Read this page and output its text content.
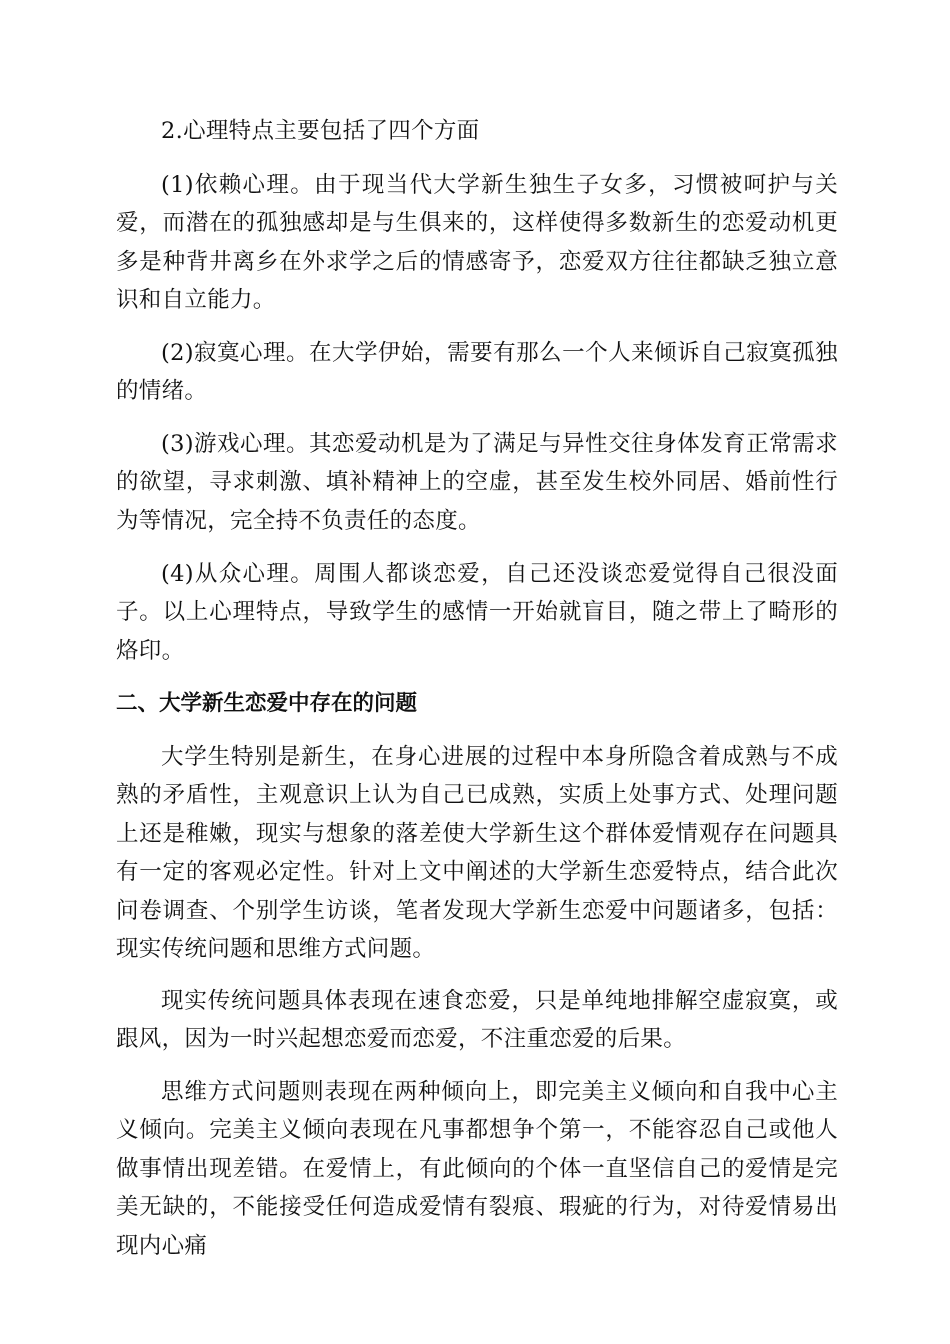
2.心理特点主要包括了四个方面

(1)依赖心理。由于现当代大学新生独生子女多，习惯被呵护与关爱，而潜在的孤独感却是与生俱来的，这样使得多数新生的恋爱动机更多是种背井离乡在外求学之后的情感寄予，恋爱双方往往都缺乏独立意识和自立能力。

(2)寂寞心理。在大学伊始，需要有那么一个人来倾诉自己寂寞孤独的情绪。

(3)游戏心理。其恋爱动机是为了满足与异性交往身体发育正常需求的欲望，寻求刺激、填补精神上的空虚，甚至发生校外同居、婚前性行为等情况，完全持不负责任的态度。

(4)从众心理。周围人都谈恋爱，自己还没谈恋爱觉得自己很没面子。以上心理特点，导致学生的感情一开始就盲目，随之带上了畸形的烙印。

二、大学新生恋爱中存在的问题

大学生特别是新生，在身心进展的过程中本身所隐含着成熟与不成熟的矛盾性，主观意识上认为自己已成熟，实质上处事方式、处理问题上还是稚嫩，现实与想象的落差使大学新生这个群体爱情观存在问题具有一定的客观必定性。针对上文中阐述的大学新生恋爱特点，结合此次问卷调查、个别学生访谈，笔者发现大学新生恋爱中问题诸多，包括：现实传统问题和思维方式问题。

现实传统问题具体表现在速食恋爱，只是单纯地排解空虚寂寞，或跟风，因为一时兴起想恋爱而恋爱，不注重恋爱的后果。

思维方式问题则表现在两种倾向上，即完美主义倾向和自我中心主义倾向。完美主义倾向表现在凡事都想争个第一，不能容忍自己或他人做事情出现差错。在爱情上，有此倾向的个体一直坚信自己的爱情是完美无缺的，不能接受任何造成爱情有裂痕、瑕疵的行为，对待爱情易出现内心痛
